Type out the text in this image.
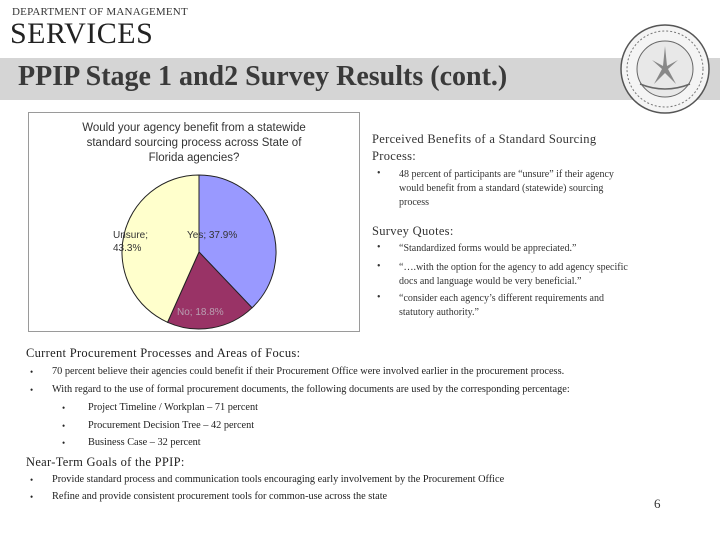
DEPARTMENT OF MANAGEMENT
SERVICES
PPIP Stage 1 and2 Survey Results (cont.)
Would your agency benefit from a statewide standard sourcing process across State of Florida agencies?
Unsure;
43.3%
Yes; 37.9%
No; 18.8%
Perceived Benefits of a Standard Sourcing
Process:
• 48 percent of participants are “unsure” if their agency
would benefit from a standard (statewide) sourcing
process
Survey Quotes:
• “Standardized forms would be appreciated.”
• “….with the option for the agency to add agency specific
docs and language would be very beneficial.”
• “consider each agency’s different requirements and
statutory authority.”
Current Procurement Processes and Areas of Focus:
• 70 percent believe their agencies could benefit if their Procurement Office were involved earlier in the procurement process.
• With regard to the use of formal procurement documents, the following documents are used by the corresponding percentage:
• Project Timeline / Workplan – 71 percent
• Procurement Decision Tree – 42 percent
• Business Case – 32 percent
Near-Term Goals of the PPIP:
• Provide standard process and communication tools encouraging early involvement by the Procurement Office
• Refine and provide consistent procurement tools for common-use across the state	6
